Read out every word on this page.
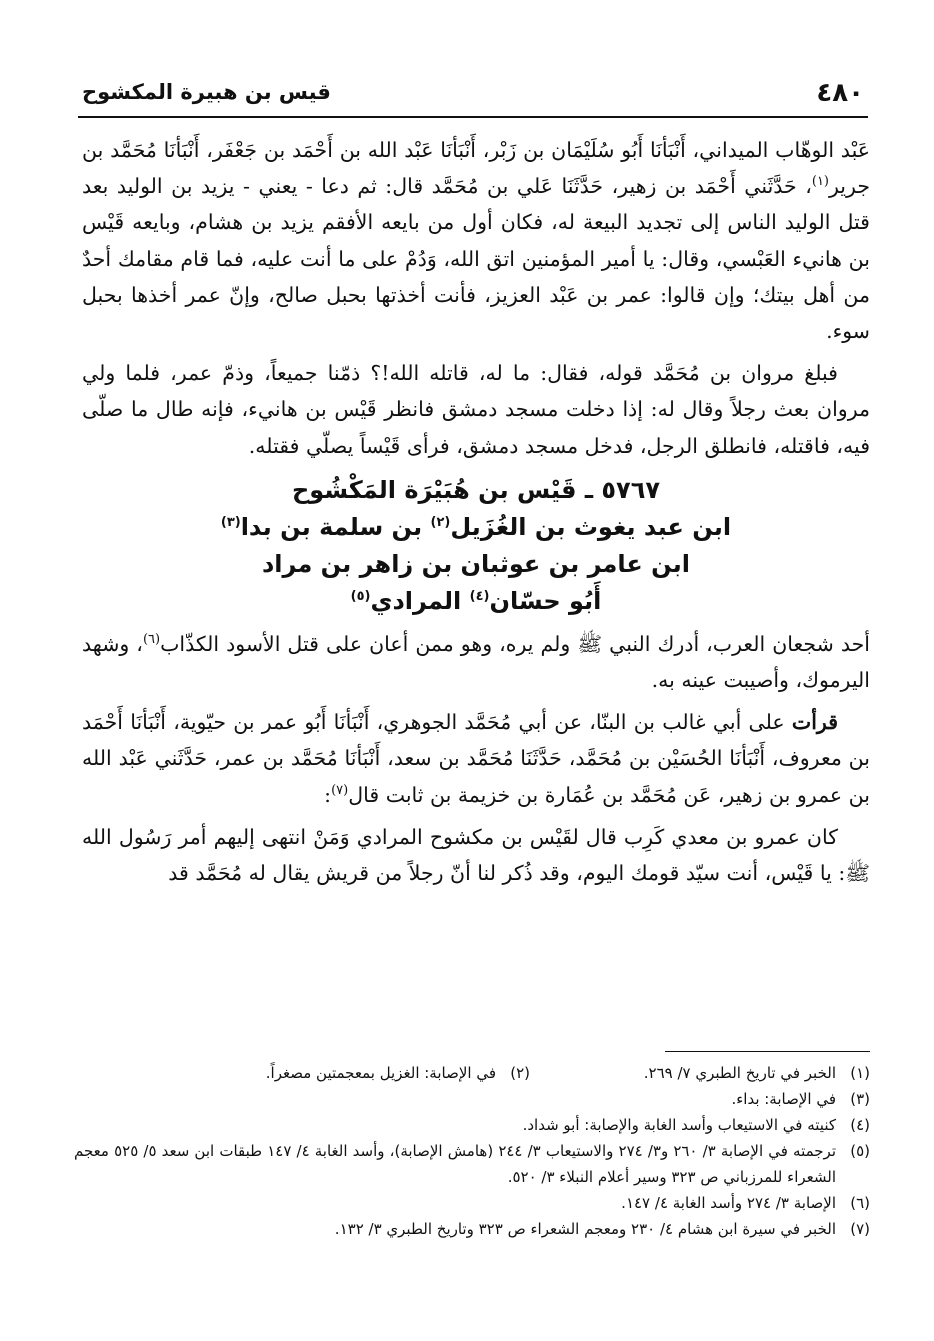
٤٨٠
قيس بن هبيرة المكشوح

عَبْد الوهّاب الميداني، أَنْبَأنَا أَبُو سُلَيْمَان بن زَبْر، أَنْبَأنَا عَبْد الله بن أَحْمَد بن جَعْفَر، أَنْبَأنَا مُحَمَّد بن جرير$^{(١)}$، حَدَّثَني أَحْمَد بن زهير، حَدَّثَنَا عَلي بن مُحَمَّد قال: ثم دعا - يعني - يزيد بن الوليد بعد قتل الوليد الناس إلى تجديد البيعة له، فكان أول من بايعه الأفقم يزيد بن هشام، وبايعه قَيْس بن هانيء العَبْسي، وقال: يا أمير المؤمنين اتق الله، وَدُمْ على ما أنت عليه، فما قام مقامك أحدٌ من أهل بيتك؛ وإن قالوا: عمر بن عَبْد العزيز، فأنت أخذتها بحبل صالح، وإنّ عمر أخذها بحبل سوء.

فبلغ مروان بن مُحَمَّد قوله، فقال: ما له، قاتله الله!؟ ذمّنا جميعاً، وذمّ عمر، فلما ولي مروان بعث رجلاً وقال له: إذا دخلت مسجد دمشق فانظر قَيْس بن هانيء، فإنه طال ما صلّى فيه، فاقتله، فانطلق الرجل، فدخل مسجد دمشق، فرأى قَيْساً يصلّي فقتله.

٥٧٦٧ ـ قَيْس بن هُبَيْرَة المَكْشُوح
ابن عبد يغوث بن الغُزَيل$^{(٢)}$ بن سلمة بن بدا$^{(٣)}$
ابن عامر بن عوثبان بن زاهر بن مراد
أَبُو حسّان$^{(٤)}$ المرادي$^{(٥)}$

أحد شجعان العرب، أدرك النبي ﷺ ولم يره، وهو ممن أعان على قتل الأسود الكذّاب$^{(٦)}$، وشهد اليرموك، وأصيبت عينه به.

قرأت على أبي غالب بن البنّا، عن أبي مُحَمَّد الجوهري، أَنْبَأنَا أَبُو عمر بن حيّوية، أَنْبَأنَا أَحْمَد بن معروف، أَنْبَأنَا الحُسَيْن بن مُحَمَّد، حَدَّثَنَا مُحَمَّد بن سعد، أَنْبَأنَا مُحَمَّد بن عمر، حَدَّثَني عَبْد الله بن عمرو بن زهير، عَن مُحَمَّد بن عُمَارة بن خزيمة بن ثابت قال$^{(٧)}$:

كان عمرو بن معدي كَرِب قال لقَيْس بن مكشوح المرادي وَمَنْ انتهى إليهم أمر رَسُول الله ﷺ: يا قَيْس، أنت سيّد قومك اليوم، وقد ذُكر لنا أنّ رجلاً من قريش يقال له مُحَمَّد قد

(١)
الخبر في تاريخ الطبري ٧/ ٢٦٩.
(٢)
في الإصابة: الغزيل بمعجمتين مصغراً.
(٣)
في الإصابة: بداء.
(٤)
كنيته في الاستيعاب وأسد الغابة والإصابة: أبو شداد.
(٥)
ترجمته في الإصابة ٣/ ٢٦٠ و٣/ ٢٧٤ والاستيعاب ٣/ ٢٤٤ (هامش الإصابة)، وأسد الغابة ٤/ ١٤٧ طبقات ابن سعد ٥/ ٥٢٥ معجم الشعراء للمرزباني ص ٣٢٣ وسير أعلام النبلاء ٣/ ٥٢٠.
(٦)
الإصابة ٣/ ٢٧٤ وأسد الغابة ٤/ ١٤٧.
(٧)
الخبر في سيرة ابن هشام ٤/ ٢٣٠ ومعجم الشعراء ص ٣٢٣ وتاريخ الطبري ٣/ ١٣٢.
